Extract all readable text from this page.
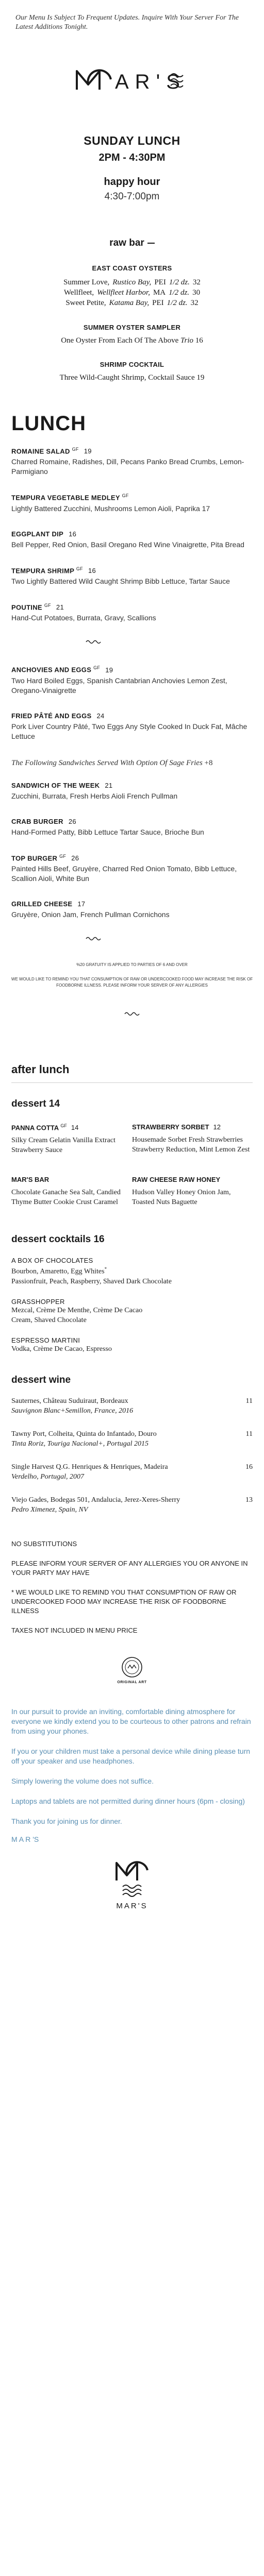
Our Menu Is Subject To Frequent Updates. Inquire With Your Server For The Latest Additions Tonight.
AR'S
SUNDAY LUNCH
2PM - 4:30PM
happy hour
4:30-7:00pm
raw bar
EAST COAST OYSTERS
Summer Love, Rustico Bay, PEI 1/2 dz. 32
Wellfleet, Wellfleet Harbor, MA 1/2 dz. 30
Sweet Petite, Katama Bay, PEI 1/2 dz. 32
SUMMER OYSTER SAMPLER
One Oyster From Each Of The Above Trio 16
SHRIMP COCKTAIL
Three Wild-Caught Shrimp, Cocktail Sauce 19
LUNCH
ROMAINE SALAD $^{GF}$ 19
Charred Romaine, Radishes, Dill, Pecans Panko Bread Crumbs, Lemon-Parmigiano
TEMPURA VEGETABLE MEDLEY $^{GF}$
Lightly Battered Zucchini, Mushrooms Lemon Aioli, Paprika 17
EGGPLANT DIP 16
Bell Pepper, Red Onion, Basil Oregano Red Wine Vinaigrette, Pita Bread
TEMPURA SHRIMP $^{GF}$ 16
Two Lightly Battered Wild Caught Shrimp Bibb Lettuce, Tartar Sauce
POUTINE $^{GF}$ 21
Hand-Cut Potatoes, Burrata, Gravy, Scallions
ANCHOVIES AND EGGS $^{GF}$ 19
Two Hard Boiled Eggs, Spanish Cantabrian Anchovies Lemon Zest, Oregano-Vinaigrette
FRIED PÂTÉ AND EGGS 24
Pork Liver Country Pâté, Two Eggs Any Style Cooked In Duck Fat, Mâche Lettuce
The Following Sandwiches Served With Option Of Sage Fries +8
SANDWICH OF THE WEEK 21
Zucchini, Burrata, Fresh Herbs Aioli French Pullman
CRAB BURGER 26
Hand-Formed Patty, Bibb Lettuce Tartar Sauce, Brioche Bun
TOP BURGER $^{GF}$ 26
Painted Hills Beef, Gruyère, Charred Red Onion Tomato, Bibb Lettuce, Scallion Aioli, White Bun
GRILLED CHEESE 17
Gruyère, Onion Jam, French Pullman Cornichons
%20 GRATUITY IS APPLIED TO PARTIES OF 6 AND OVER
WE WOULD LIKE TO REMIND YOU THAT CONSUMPTION OF RAW OR UNDERCOOKED FOOD MAY INCREASE THE RISK OF FOODBORNE ILLNESS. PLEASE INFORM YOUR SERVER OF ANY ALLERGIES
after lunch
dessert 14
PANNA COTTA $^{GF}$ 14
Silky Cream Gelatin Vanilla Extract Strawberry Sauce
STRAWBERRY SORBET 12
Housemade Sorbet Fresh Strawberries Strawberry Reduction, Mint Lemon Zest
MAR'S BAR
Chocolate Ganache Sea Salt, Candied Thyme Butter Cookie Crust Caramel
RAW CHEESE RAW HONEY
Hudson Valley Honey Onion Jam, Toasted Nuts Baguette
dessert cocktails 16
A BOX OF CHOCOLATES
Bourbon, Amaretto, Egg Whites*
Passionfruit, Peach, Raspberry, Shaved Dark Chocolate
GRASSHOPPER
Mezcal, Crème De Menthe, Crème De Cacao
Cream, Shaved Chocolate
ESPRESSO MARTINI
Vodka, Crème De Cacao, Espresso
dessert wine
Sauternes, Château Suduiraut, Bordeaux
Sauvignon Blanc+Semillon, France, 2016
11
Tawny Port, Colheita, Quinta do Infantado, Douro
Tinta Roriz, Touriga Nacional+, Portugal 2015
11
Single Harvest Q.G. Henriques & Henriques, Madeira
Verdelho, Portugal, 2007
16
Viejo Gades, Bodegas 501, Andalucia, Jerez-Xeres-Sherry
Pedro Ximenez, Spain, NV
13

NO SUBSTITUTIONS

PLEASE INFORM YOUR SERVER OF ANY ALLERGIES YOU OR ANYONE IN YOUR PARTY MAY HAVE

* WE WOULD LIKE TO REMIND YOU THAT CONSUMPTION OF RAW OR UNDERCOOKED FOOD MAY INCREASE THE RISK OF FOODBORNE ILLNESS

TAXES NOT INCLUDED IN MENU PRICE

ORIGINAL ART

In our pursuit to provide an inviting, comfortable dining atmosphere for everyone we kindly extend you to be courteous to other patrons and refrain from using your phones.

If you or your children must take a personal device while dining please turn off your speaker and use headphones.

Simply lowering the volume does not suffice.

Laptops and tablets are not permitted during dinner hours (6pm - closing)

Thank you for joining us for dinner.

M A R 'S
MAR'S
